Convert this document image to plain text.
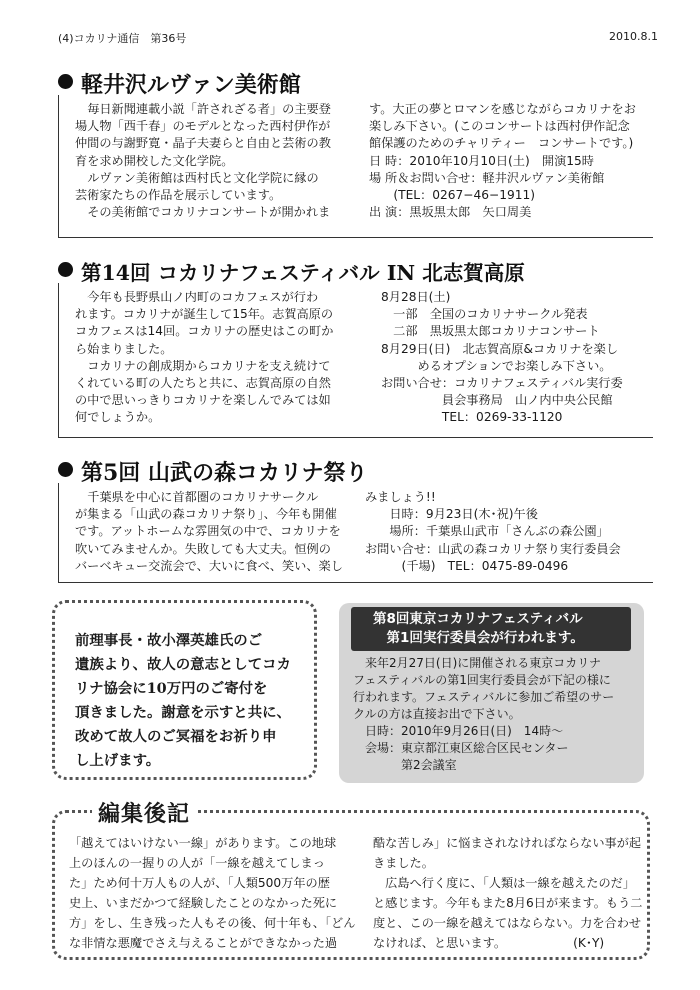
(4)コカリナ通信　第36号	2010.8.1
軽井沢ルヴァン美術館

毎日新聞連載小説「許されざる者」の主要登

場人物「西千春」のモデルとなった西村伊作が

仲間の与謝野寛・晶子夫妻らと自由と芸術の教

育を求め開校した文化学院。

ルヴァン美術館は西村氏と文化学院に縁の

芸術家たちの作品を展示しています。

その美術館でコカリナコンサートが開かれま

す。大正の夢とロマンを感じながらコカリナをお

楽しみ下さい。(このコンサートは西村伊作記念

館保護のためのチャリティー　コンサートです。)

日 時：2010年10月10日(土)　開演15時

場 所＆お問い合せ：軽井沢ルヴァン美術館

　　(TEL：0267−46−1911)

出 演：黒坂黒太郎　矢口周美

第14回 コカリナフェスティバル IN 北志賀高原

今年も長野県山ノ内町のコカフェスが行わ

れます。コカリナが誕生して15年。志賀高原の

コカフェスは14回。コカリナの歴史はこの町か

ら始まりました。

コカリナの創成期からコカリナを支え続けて

くれている町の人たちと共に、志賀高原の自然

の中で思いっきりコカリナを楽しんでみては如

何でしょうか。

8月28日(土)

　一部　全国のコカリナサークル発表

　二部　黒坂黒太郎コカリナコンサート

8月29日(日)　北志賀高原&コカリナを楽し

　　　めるオプションでお楽しみ下さい。

お問い合せ：コカリナフェスティバル実行委

　　　　　員会事務局　山ノ内中央公民館

　　　　　TEL：0269-33-1120

第5回 山武の森コカリナ祭り

千葉県を中心に首都圏のコカリナサークル

が集まる「山武の森コカリナ祭り」、今年も開催

です。アットホームな雰囲気の中で、コカリナを

吹いてみませんか。失敗しても大丈夫。恒例の

バーベキュー交流会で、大いに食べ、笑い、楽し

みましょう!!

　　日時：9月23日(木･祝)午後

　　場所：千葉県山武市「さんぶの森公園」

お問い合せ：山武の森コカリナ祭り実行委員会

　　　(千場)　TEL：0475-89-0496

前理事長・故小澤英雄氏のご

遺族より、故人の意志としてコカ

リナ協会に10万円のご寄付を

頂きました。謝意を示すと共に、

改めて故人のご冥福をお祈り申

し上げます。

第8回東京コカリナフェスティバル

　第1回実行委員会が行われます。

　来年2月27日(日)に開催される東京コカリナ

フェスティバルの第1回実行委員会が下記の様に

行われます。フェスティバルに参加ご希望のサー

クルの方は直接お出で下さい。

　日時：2010年9月26日(日)　14時〜

　会場：東京都江東区総合区民センター

　　　　第2会議室

「越えてはいけない一線」があります。この地球

上のほんの一握りの人が「一線を越えてしまっ

た」ため何十万人もの人が、「人類500万年の歴

史上、いまだかつて経験したことのなかった死に

方」をし、生き残った人もその後、何十年も、「どん

な非情な悪魔でさえ与えることができなかった過

酷な苦しみ」に悩まされなければならない事が起

きました。

　広島へ行く度に、「人類は一線を越えたのだ」

と感じます。今年もまた8月6日が来ます。もう二

度と、この一線を越えてはならない。力を合わせ

なければ、と思います。　　　　　　(K･Y)

編集後記
